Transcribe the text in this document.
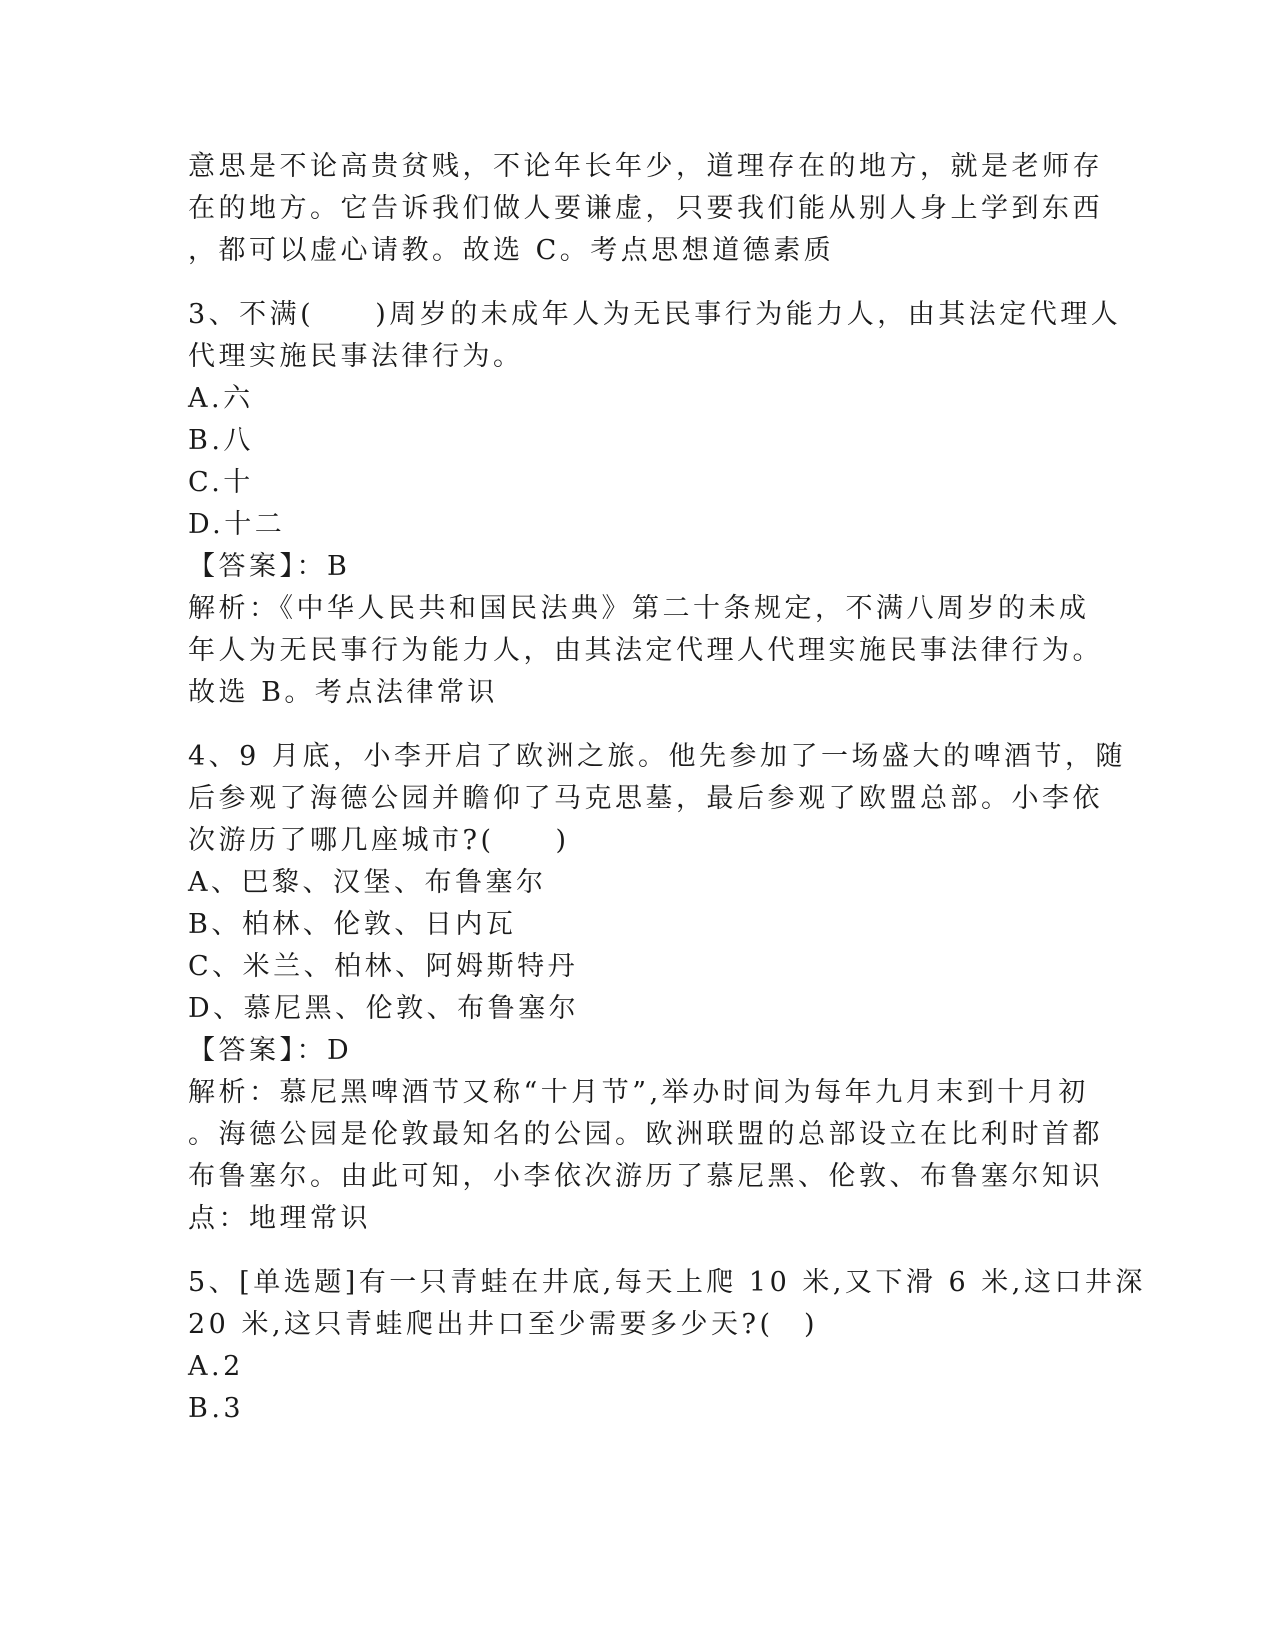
意思是不论高贵贫贱，不论年长年少，道理存在的地方，就是老师存
在的地方。它告诉我们做人要谦虚，只要我们能从别人身上学到东西
，都可以虚心请教。故选 C。考点思想道德素质
3、不满(　　)周岁的未成年人为无民事行为能力人，由其法定代理人
代理实施民事法律行为。
A.六
B.八
C.十
D.十二
【答案】：B
解析：《中华人民共和国民法典》第二十条规定，不满八周岁的未成
年人为无民事行为能力人，由其法定代理人代理实施民事法律行为。
故选 B。考点法律常识
4、9 月底，小李开启了欧洲之旅。他先参加了一场盛大的啤酒节，随
后参观了海德公园并瞻仰了马克思墓，最后参观了欧盟总部。小李依
次游历了哪几座城市?(　　)
A、巴黎、汉堡、布鲁塞尔
B、柏林、伦敦、日内瓦
C、米兰、柏林、阿姆斯特丹
D、慕尼黑、伦敦、布鲁塞尔
【答案】：D
解析：慕尼黑啤酒节又称“十月节”,举办时间为每年九月末到十月初
。海德公园是伦敦最知名的公园。欧洲联盟的总部设立在比利时首都
布鲁塞尔。由此可知，小李依次游历了慕尼黑、伦敦、布鲁塞尔知识
点：地理常识
5、[单选题]有一只青蛙在井底,每天上爬 10 米,又下滑 6 米,这口井深
20 米,这只青蛙爬出井口至少需要多少天?(　)
A.2
B.3
